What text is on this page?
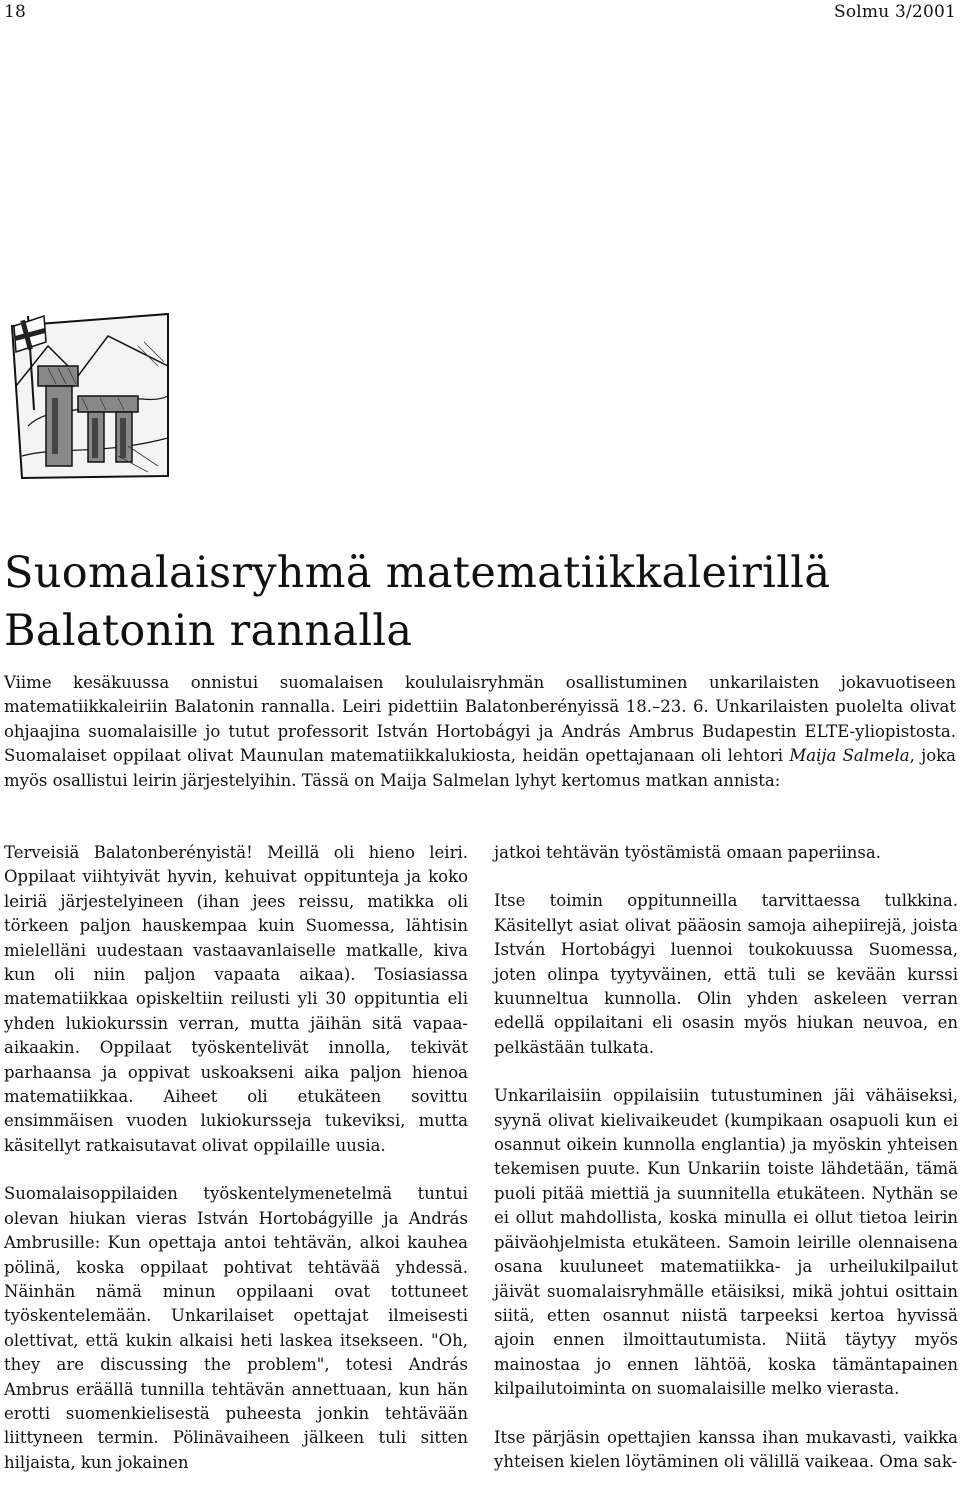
18	Solmu 3/2001
Suomalaisryhmä matematiikkaleirillä
Balatonin rannalla

Viime kesäkuussa onnistui suomalaisen koululaisryhmän osallistuminen unkarilaisten jokavuotiseen matematiikkaleiriin Balatonin rannalla. Leiri pidettiin Balatonberényissä 18.–23. 6. Unkarilaisten puolelta olivat ohjaajina suomalaisille jo tutut professorit István Hortobágyi ja András Ambrus Budapestin ELTE-yliopistosta. Suomalaiset oppilaat olivat Maunulan matematiikkalukiosta, heidän opettajanaan oli lehtori Maija Salmela, joka myös osallistui leirin järjestelyihin. Tässä on Maija Salmelan lyhyt kertomus matkan annista:

Terveisiä Balatonberényistä! Meillä oli hieno leiri. Oppilaat viihtyivät hyvin, kehuivat oppitunteja ja koko leiriä järjestelyineen (ihan jees reissu, matikka oli törkeen paljon hauskempaa kuin Suomessa, lähtisin mielelläni uudestaan vastaavanlaiselle matkalle, kiva kun oli niin paljon vapaata aikaa). Tosiasiassa matematiikkaa opiskeltiin reilusti yli 30 oppituntia eli yhden lukiokurssin verran, mutta jäihän sitä vapaa-aikaakin. Oppilaat työskentelivät innolla, tekivät parhaansa ja oppivat uskoakseni aika paljon hienoa matematiikkaa. Aiheet oli etukäteen sovittu ensimmäisen vuoden lukiokursseja tukeviksi, mutta käsitellyt ratkaisutavat olivat oppilaille uusia.

Suomalaisoppilaiden työskentelymenetelmä tuntui olevan hiukan vieras István Hortobágyille ja András Ambrusille: Kun opettaja antoi tehtävän, alkoi kauhea pölinä, koska oppilaat pohtivat tehtävää yhdessä. Näinhän nämä minun oppilaani ovat tottuneet työskentelemään. Unkarilaiset opettajat ilmeisesti olettivat, että kukin alkaisi heti laskea itsekseen. "Oh, they are discussing the problem", totesi András Ambrus eräällä tunnilla tehtävän annettuaan, kun hän erotti suomenkielisestä puheesta jonkin tehtävään liittyneen termin. Pölinävaiheen jälkeen tuli sitten hiljaista, kun jokainen

jatkoi tehtävän työstämistä omaan paperiinsa.

Itse toimin oppitunneilla tarvittaessa tulkkina. Käsitellyt asiat olivat pääosin samoja aihepiirejä, joista István Hortobágyi luennoi toukokuussa Suomessa, joten olinpa tyytyväinen, että tuli se kevään kurssi kuunneltua kunnolla. Olin yhden askeleen verran edellä oppilaitani eli osasin myös hiukan neuvoa, en pelkästään tulkata.

Unkarilaisiin oppilaisiin tutustuminen jäi vähäiseksi, syynä olivat kielivaikeudet (kumpikaan osapuoli kun ei osannut oikein kunnolla englantia) ja myöskin yhteisen tekemisen puute. Kun Unkariin toiste lähdetään, tämä puoli pitää miettiä ja suunnitella etukäteen. Nythän se ei ollut mahdollista, koska minulla ei ollut tietoa leirin päiväohjelmista etukäteen. Samoin leirille olennaisena osana kuuluneet matematiikka- ja urheilukilpailut jäivät suomalaisryhmälle etäisiksi, mikä johtui osittain siitä, etten osannut niistä tarpeeksi kertoa hyvissä ajoin ennen ilmoittautumista. Niitä täytyy myös mainostaa jo ennen lähtöä, koska tämäntapainen kilpailutoiminta on suomalaisille melko vierasta.

Itse pärjäsin opettajien kanssa ihan mukavasti, vaikka yhteisen kielen löytäminen oli välillä vaikeaa. Oma sak-
